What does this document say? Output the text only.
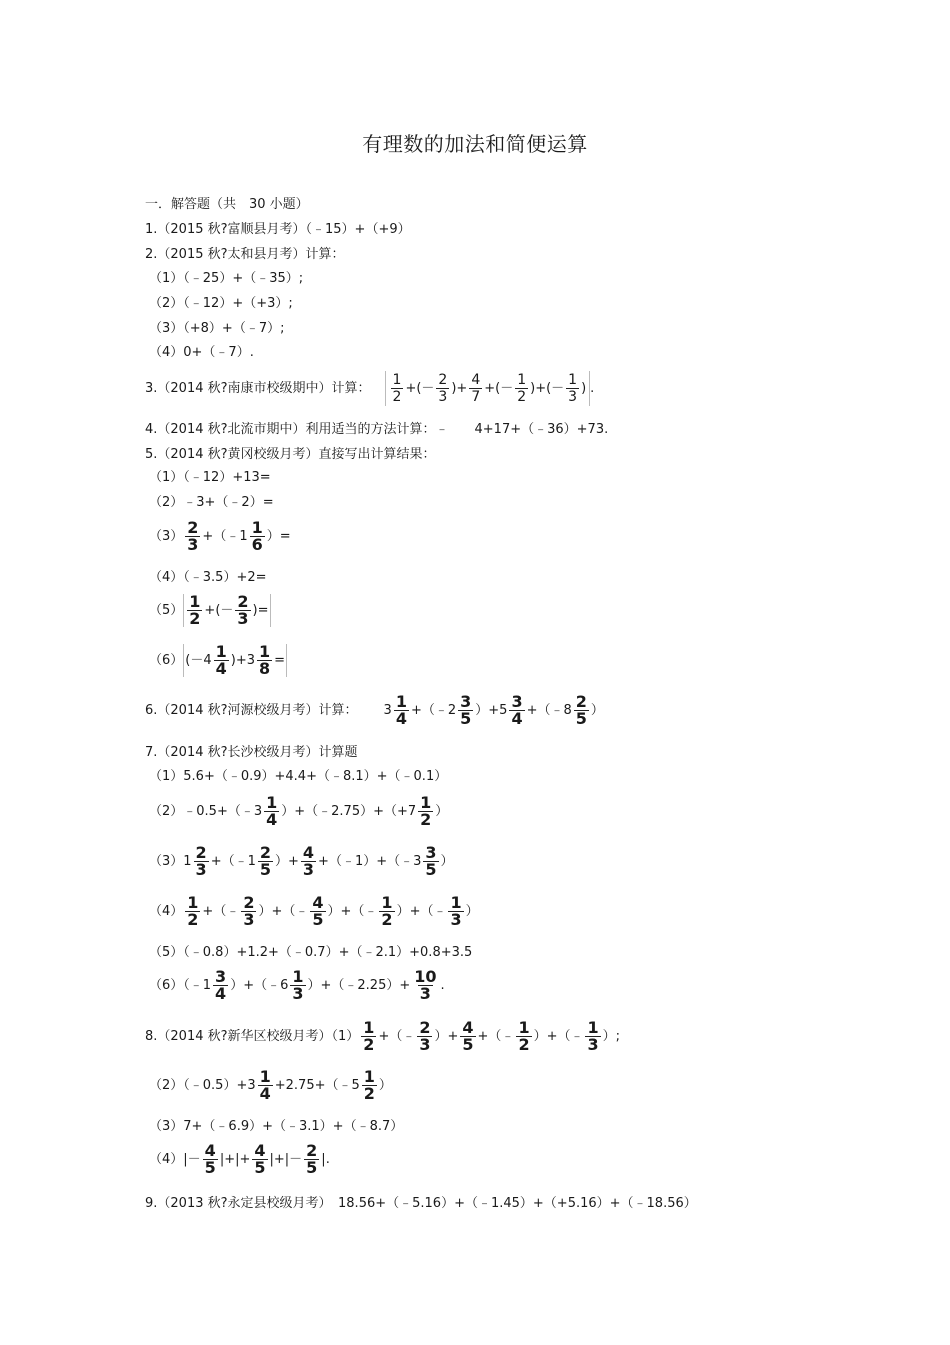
有理数的加法和简便运算
一．解答题（共　30 小题）
1.（2015 秋?富顺县月考）（﹣15）+（+9）
2.（2015 秋?太和县月考）计算：
（1）（﹣25）+（﹣35）;
（2）（﹣12）+（+3）;
（3）（+8）+（﹣7）;
（4）0+（﹣7）.
3.（2014 秋?南康市校级期中）计算： $\frac{1}{2}$ +(－ $\frac{2}{3}$ )+ $\frac{4}{7}$ +(－ $\frac{1}{2}$ )+(－ $\frac{1}{3}$ ) .
4.（2014 秋?北流市期中）利用适当的方法计算：﹣　　4+17+（﹣36）+73.
5.（2014 秋?黄冈校级月考）直接写出计算结果：
（1）（﹣12）+13=
（2）﹣3+（﹣2）=
$(3) \frac{2}{3}$ +（﹣1 $\frac{1}{6}$ ）=
（4）（﹣3.5）+2=
$(5) \frac{1}{2}$ +(－ $\frac{2}{3}$ )=
（6） $(-4 \frac{1}{4} )+3 \frac{1}{8}$ =
6.（2014 秋?河源校级月考）计算： $3 \frac{1}{4}$ +（﹣2 $\frac{3}{5} )+5 \frac{3}{4}$ +（﹣8 $\frac{2}{5}$ ）
7.（2014 秋?长沙校级月考）计算题
（1）5.6+（﹣0.9）+4.4+（﹣8.1）+（﹣0.1）
（2）﹣0.5+（﹣3 $\frac{1}{4}$ ）+（﹣2.75）+（+7 $\frac{1}{2}$ ）
$(3)1 \frac{2}{3}$ +（﹣1 $\frac{2}{5}$ ）+ $\frac{4}{3}$ +（﹣1）+（﹣3 $\frac{3}{5}$ ）
$(4) \frac{1}{2}$ +（﹣ $\frac{2}{3}$ ）+（﹣ $\frac{4}{5}$ ）+（﹣ $\frac{1}{2}$ ）+（﹣ $\frac{1}{3}$ ）
（5）（﹣0.8）+1.2+（﹣0.7）+（﹣2.1）+0.8+3.5
（6）（﹣1 $\frac{3}{4}$ ）+（﹣6 $\frac{1}{3}$ ）+（﹣2.25）+ $\frac{10}{3}$ .
8.（2014 秋?新华区校级月考）$(1) \frac{1}{2}$ +（﹣ $\frac{2}{3}$ ）+ $\frac{4}{5}$ +（﹣ $\frac{1}{2}$ ）+（﹣ $\frac{1}{3}$ ）;
（2）（﹣0.5）+3 $\frac{1}{4}$ +2.75+（﹣5 $\frac{1}{2}$ ）
（3）7+（﹣6.9）+（﹣3.1）+（﹣8.7）
（4） |－ $\frac{4}{5}$ |+|+ $\frac{4}{5}$ |+|－ $\frac{2}{5}$ | .
9.（2013 秋?永定县校级月考）　18.56+（﹣5.16）+（﹣1.45）+（+5.16）+（﹣18.56）
